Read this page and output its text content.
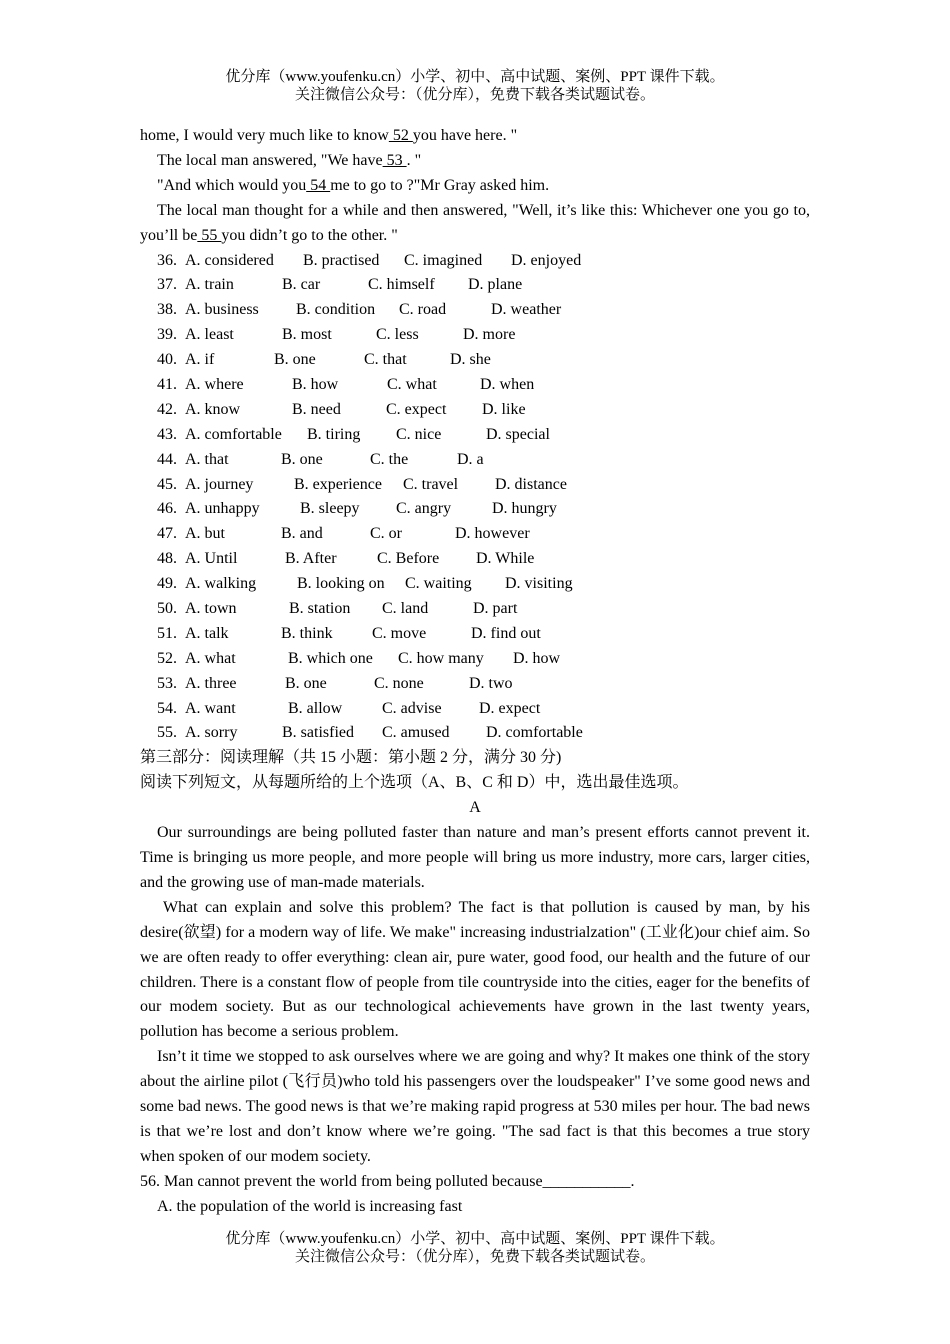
优分库（www.youfenku.cn）小学、初中、高中试题、案例、PPT 课件下载。
关注微信公众号：（优分库），免费下载各类试题试卷。
home, I would very much like to know 52 you have here. "
The local man answered, "We have 53 . "
"And which would you 54 me to go to ?"Mr Gray asked him.
The local man thought for a while and then answered, "Well, it’s like this: Whichever one you go to, you’ll be 55 you didn’t go to the other. "
36. A. considered B. practised C. imagined D. enjoyed
37. A. train	B. car	C. himself D. plane
38. A. business B. condition C. road	D. weather
39. A. least	B. most	C. less	D. more
40. A. if	B. one	C. that	D. she
41. A. where	B. how	C. what	D. when
42. A. know	B. need	C. expect D. like
43. A. comfortable B. tiring C. nice	D. special
44. A. that	B. one	C. the	D. a
45. A. journey	B. experience C. travel D. distance
46. A. unhappy	B. sleepy C. angry	D. hungry
47. A. but	B. and	C. or	D. however
48. A. Until	B. After	C. Before D. While
49. A. walking	B. looking on C. waiting D. visiting
50. A. town	B. station C. land	D. part
51. A. talk	B. think C. move	D. find out
52. A. what	B. which one C. how many D. how
53. A. three	B. one	C. none	D. two
54. A. want	B. allow C. advise D. expect
55. A. sorry	B. satisfied C. amused D. comfortable
第三部分：阅读理解（共 15 小题：第小题 2 分，满分 30 分)
阅读下列短文，从每题所给的上个选项（A、B、C 和 D）中，选出最佳选项。
A
Our surroundings are being polluted faster than nature and man’s present efforts cannot prevent it. Time is bringing us more people, and more people will bring us more industry, more cars, larger cities, and the growing use of man-made materials.
What can explain and solve this problem? The fact is that pollution is caused by man, by his desire(欲望) for a modern way of life. We make" increasing industrialzation" (工业化)our chief aim. So we are often ready to offer everything: clean air, pure water, good food, our health and the future of our children. There is a constant flow of people from tile countryside into the cities, eager for the benefits of our modem society. But as our technological achievements have grown in the last twenty years, pollution has become a serious problem.
Isn’t it time we stopped to ask ourselves where we are going and why? It makes one think of the story about the airline pilot (飞行员)who told his passengers over the loudspeaker" I’ve some good news and some bad news. The good news is that we’re making rapid progress at 530 miles per hour. The bad news is that we’re lost and don’t know where we’re going. "The sad fact is that this becomes a true story when spoken of our modem society.
56. Man cannot prevent the world from being polluted because___________.
A. the population of the world is increasing fast
优分库（www.youfenku.cn）小学、初中、高中试题、案例、PPT 课件下载。
关注微信公众号：（优分库），免费下载各类试题试卷。
